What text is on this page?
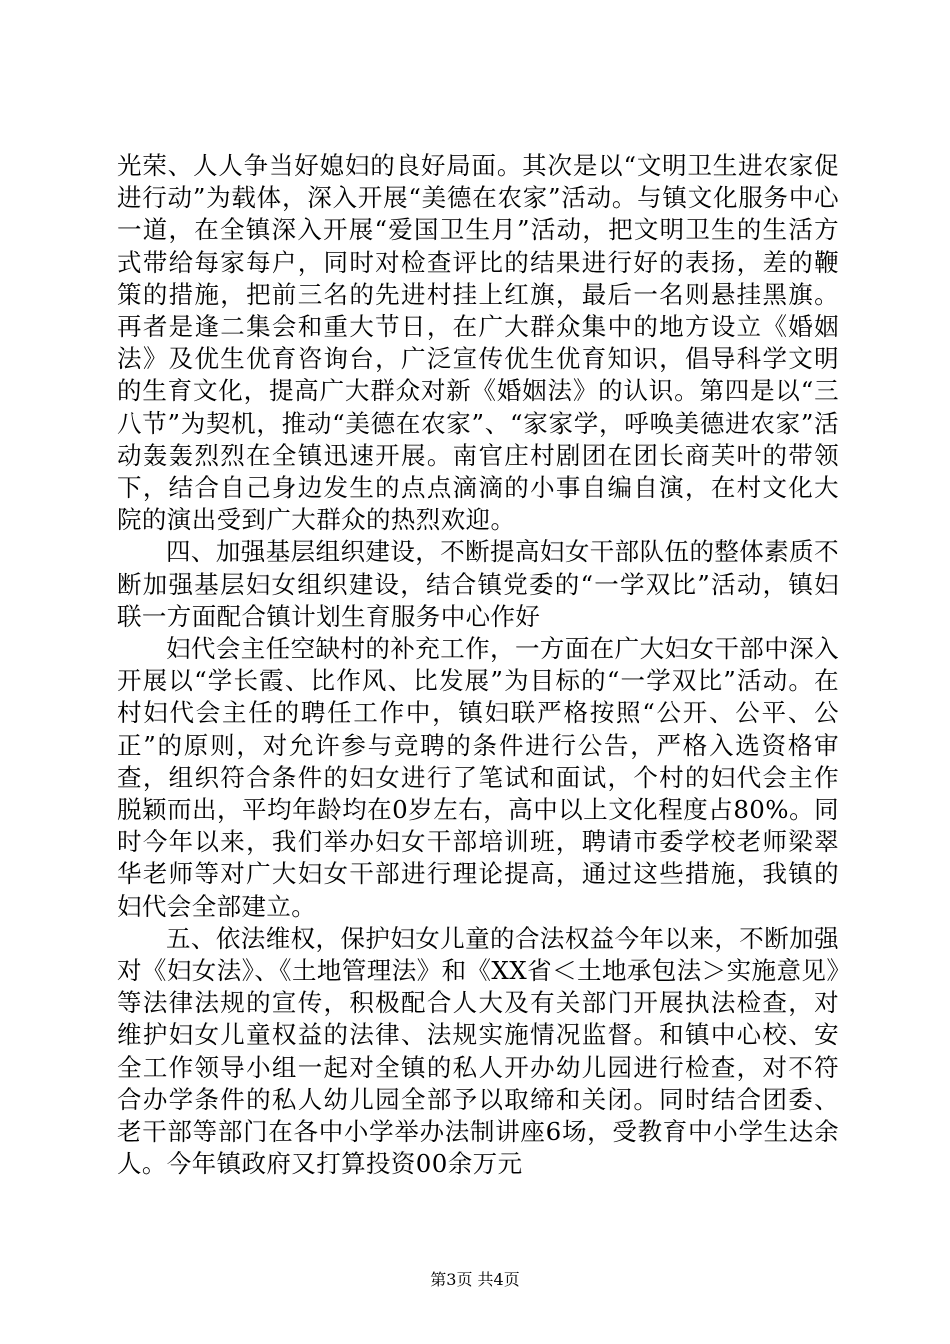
光荣、人人争当好媳妇的良好局面。其次是以“文明卫生进农家促进行动”为载体，深入开展“美德在农家”活动。与镇文化服务中心一道，在全镇深入开展“爱国卫生月”活动，把文明卫生的生活方式带给每家每户，同时对检查评比的结果进行好的表扬，差的鞭策的措施，把前三名的先进村挂上红旗，最后一名则悬挂黑旗。再者是逢二集会和重大节日，在广大群众集中的地方设立《婚姻法》及优生优育咨询台，广泛宣传优生优育知识，倡导科学文明的生育文化，提高广大群众对新《婚姻法》的认识。第四是以“三八节”为契机，推动“美德在农家”、“家家学，呼唤美德进农家”活动轰轰烈烈在全镇迅速开展。南官庄村剧团在团长商芙叶的带领下，结合自己身边发生的点点滴滴的小事自编自演，在村文化大院的演出受到广大群众的热烈欢迎。

四、加强基层组织建设，不断提高妇女干部队伍的整体素质不断加强基层妇女组织建设，结合镇党委的“一学双比”活动，镇妇联一方面配合镇计划生育服务中心作好

妇代会主任空缺村的补充工作，一方面在广大妇女干部中深入开展以“学长霞、比作风、比发展”为目标的“一学双比”活动。在村妇代会主任的聘任工作中，镇妇联严格按照“公开、公平、公正”的原则，对允许参与竞聘的条件进行公告，严格入选资格审查，组织符合条件的妇女进行了笔试和面试，个村的妇代会主作脱颖而出，平均年龄均在0岁左右，高中以上文化程度占80%。同时今年以来，我们举办妇女干部培训班，聘请市委学校老师梁翠华老师等对广大妇女干部进行理论提高，通过这些措施，我镇的妇代会全部建立。

五、依法维权，保护妇女儿童的合法权益今年以来，不断加强对《妇女法》、《土地管理法》和《XX省＜土地承包法＞实施意见》等法律法规的宣传，积极配合人大及有关部门开展执法检查，对维护妇女儿童权益的法律、法规实施情况监督。和镇中心校、安全工作领导小组一起对全镇的私人开办幼儿园进行检查，对不符合办学条件的私人幼儿园全部予以取缔和关闭。同时结合团委、老干部等部门在各中小学举办法制讲座6场，受教育中小学生达余人。今年镇政府又打算投资00余万元

第3页 共4页
